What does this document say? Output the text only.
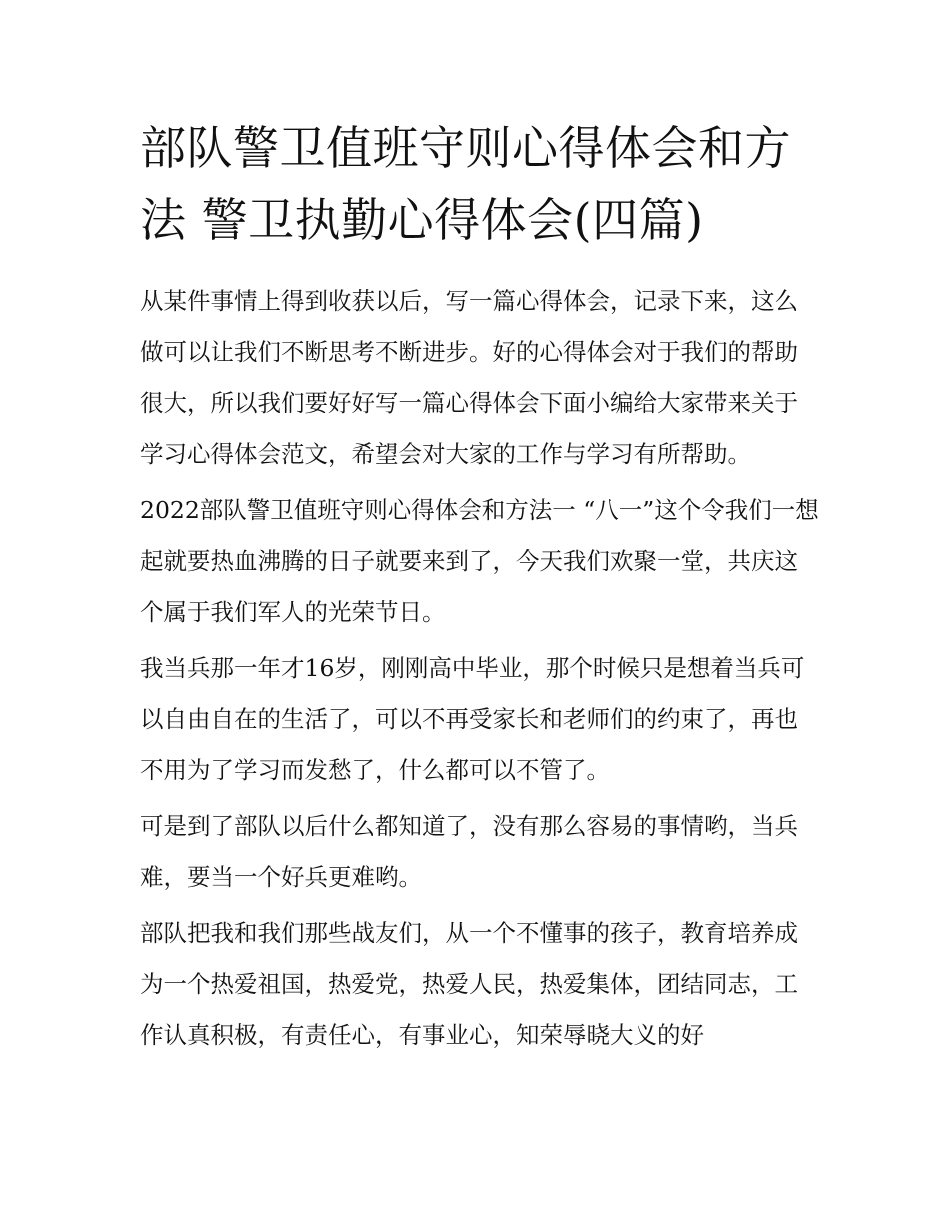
部队警卫值班守则心得体会和方法 警卫执勤心得体会(四篇)

从某件事情上得到收获以后，写一篇心得体会，记录下来，这么做可以让我们不断思考不断进步。好的心得体会对于我们的帮助很大，所以我们要好好写一篇心得体会下面小编给大家带来关于学习心得体会范文，希望会对大家的工作与学习有所帮助。

2022部队警卫值班守则心得体会和方法一 “八一”这个令我们一想起就要热血沸腾的日子就要来到了，今天我们欢聚一堂，共庆这个属于我们军人的光荣节日。

我当兵那一年才16岁，刚刚高中毕业，那个时候只是想着当兵可以自由自在的生活了，可以不再受家长和老师们的约束了，再也不用为了学习而发愁了，什么都可以不管了。

可是到了部队以后什么都知道了，没有那么容易的事情哟，当兵难，要当一个好兵更难哟。

部队把我和我们那些战友们，从一个不懂事的孩子，教育培养成为一个热爱祖国，热爱党，热爱人民，热爱集体，团结同志，工作认真积极，有责任心，有事业心，知荣辱晓大义的好
